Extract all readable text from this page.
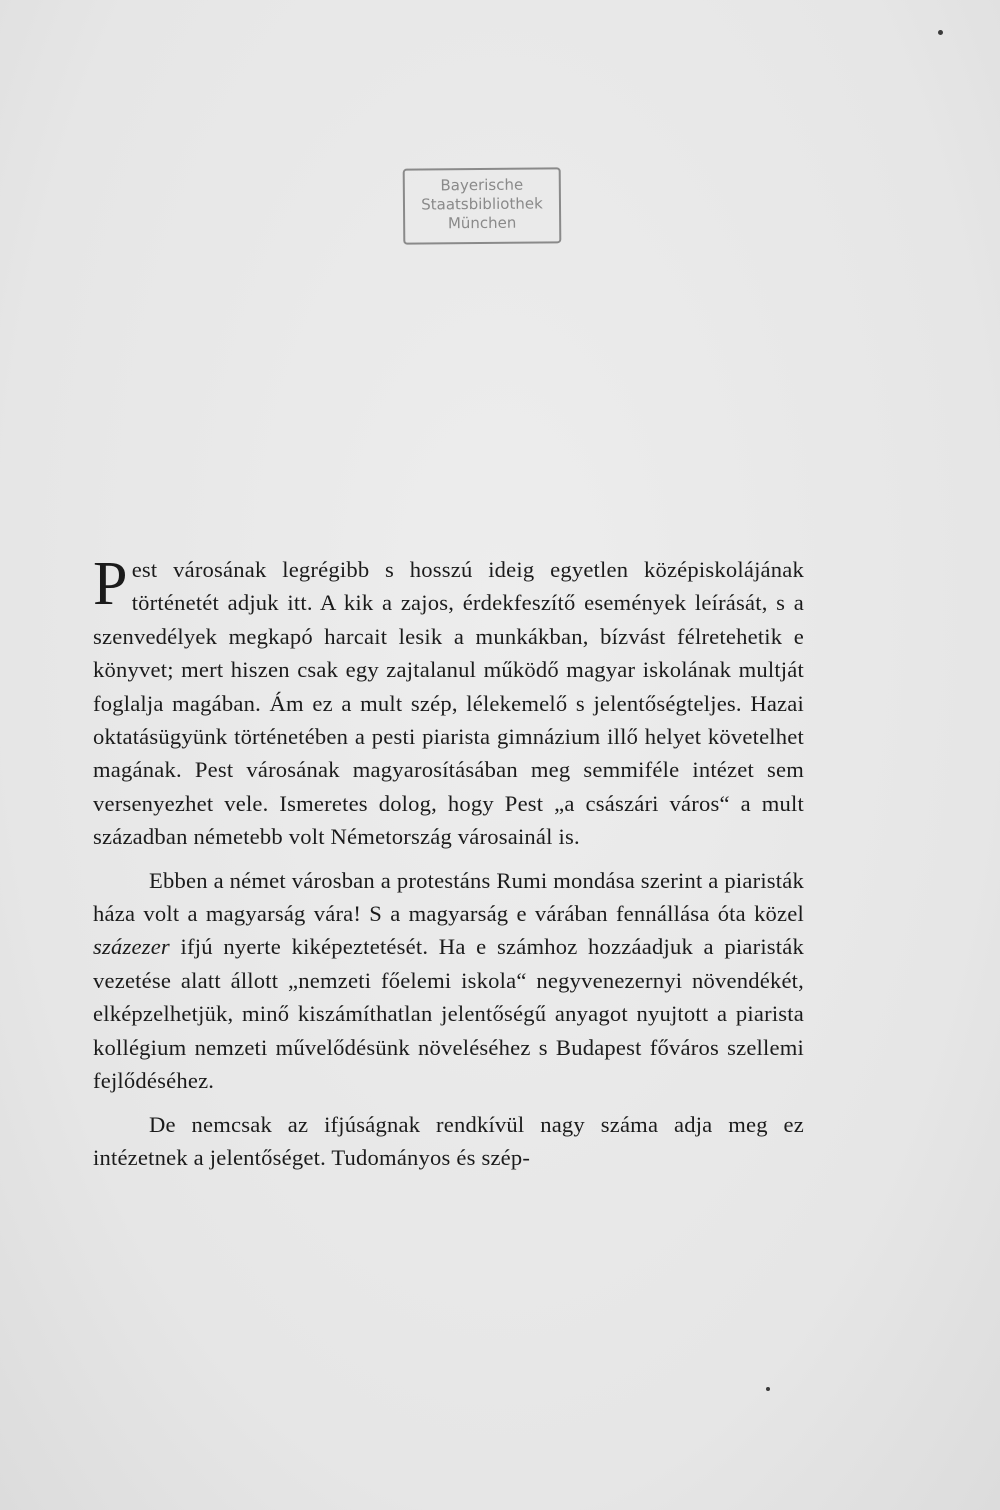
Bayerische
Staatsbibliothek
München

Pest városának legrégibb s hosszú ideig egyetlen középiskolájának történetét adjuk itt. A kik a zajos, érdekfeszítő események leírását, s a szenvedélyek megkapó harcait lesik a munkákban, bízvást félretehetik e könyvet; mert hiszen csak egy zajtalanul működő magyar iskolának multját foglalja magában. Ám ez a mult szép, lélekemelő s jelentőségteljes. Hazai oktatásügyünk történetében a pesti piarista gimnázium illő helyet követelhet magának. Pest városának magyarosításában meg semmiféle intézet sem versenyezhet vele. Ismeretes dolog, hogy Pest „a császári város“ a mult században németebb volt Németország városainál is.

Ebben a német városban a protestáns Rumi mondása szerint a piaristák háza volt a magyarság vára! S a magyarság e várában fennállása óta közel százezer ifjú nyerte kiképeztetését. Ha e számhoz hozzáadjuk a piaristák vezetése alatt állott „nemzeti főelemi iskola“ negyvenezernyi növendékét, elképzelhetjük, minő kiszámíthatlan jelentőségű anyagot nyujtott a piarista kollégium nemzeti művelődésünk növeléséhez s Budapest főváros szellemi fejlődéséhez.

De nemcsak az ifjúságnak rendkívül nagy száma adja meg ez intézetnek a jelentőséget. Tudományos és szép-
